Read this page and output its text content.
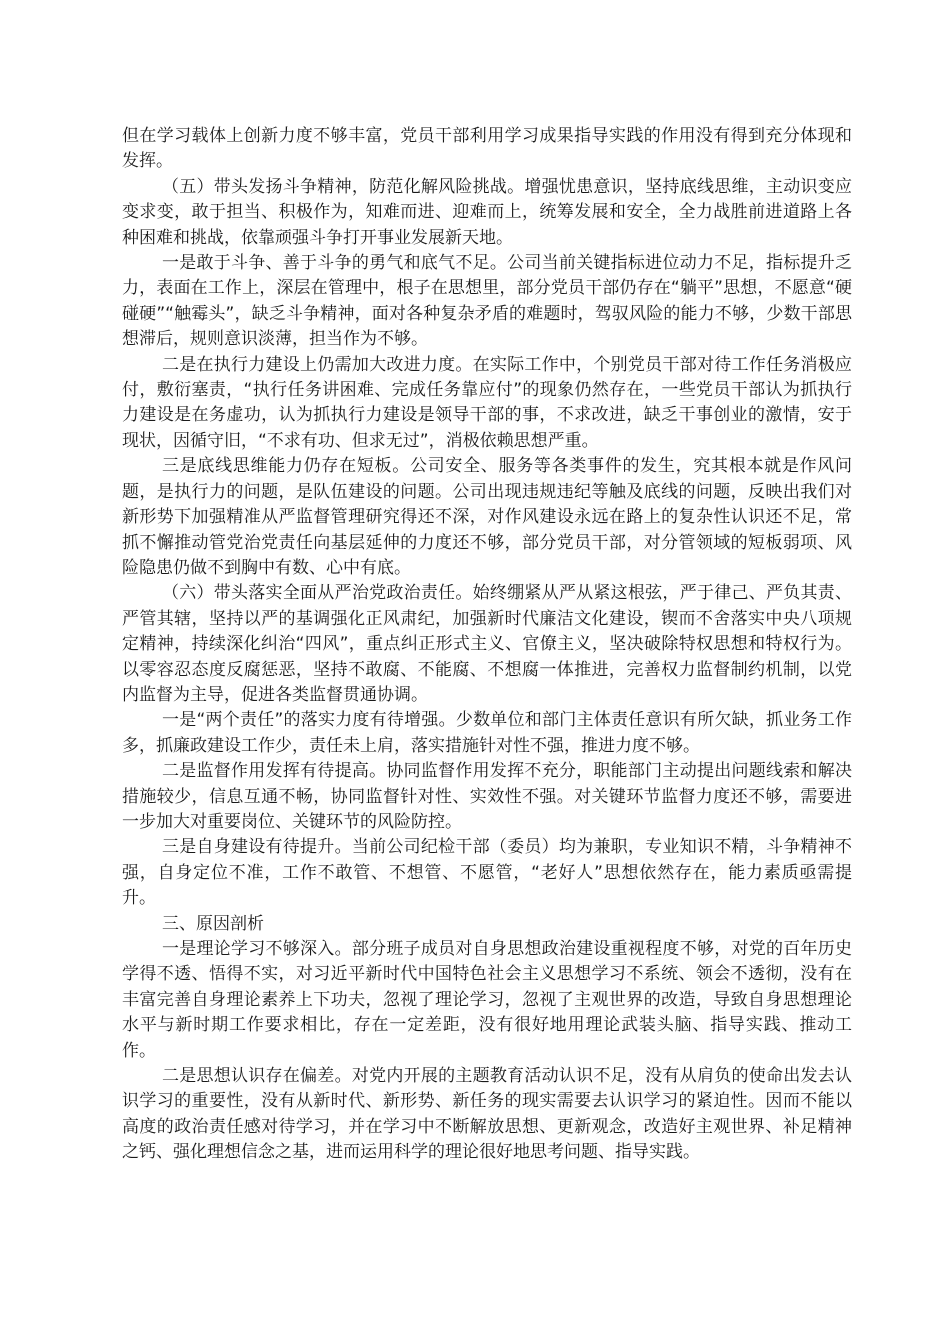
但在学习载体上创新力度不够丰富，党员干部利用学习成果指导实践的作用没有得到充分体现和发挥。

（五）带头发扬斗争精神，防范化解风险挑战。增强忧患意识，坚持底线思维，主动识变应变求变，敢于担当、积极作为，知难而进、迎难而上，统筹发展和安全，全力战胜前进道路上各种困难和挑战，依靠顽强斗争打开事业发展新天地。

一是敢于斗争、善于斗争的勇气和底气不足。公司当前关键指标进位动力不足，指标提升乏力，表面在工作上，深层在管理中，根子在思想里，部分党员干部仍存在“躺平”思想，不愿意“硬碰硬”“触霉头”，缺乏斗争精神，面对各种复杂矛盾的难题时，驾驭风险的能力不够，少数干部思想滞后，规则意识淡薄，担当作为不够。

二是在执行力建设上仍需加大改进力度。在实际工作中，个别党员干部对待工作任务消极应付，敷衍塞责，“执行任务讲困难、完成任务靠应付”的现象仍然存在，一些党员干部认为抓执行力建设是在务虚功，认为抓执行力建设是领导干部的事，不求改进，缺乏干事创业的激情，安于现状，因循守旧，“不求有功、但求无过”，消极依赖思想严重。

三是底线思维能力仍存在短板。公司安全、服务等各类事件的发生，究其根本就是作风问题，是执行力的问题，是队伍建设的问题。公司出现违规违纪等触及底线的问题，反映出我们对新形势下加强精准从严监督管理研究得还不深，对作风建设永远在路上的复杂性认识还不足，常抓不懈推动管党治党责任向基层延伸的力度还不够，部分党员干部，对分管领域的短板弱项、风险隐患仍做不到胸中有数、心中有底。

（六）带头落实全面从严治党政治责任。始终绷紧从严从紧这根弦，严于律己、严负其责、严管其辖，坚持以严的基调强化正风肃纪，加强新时代廉洁文化建设，锲而不舍落实中央八项规定精神，持续深化纠治“四风”，重点纠正形式主义、官僚主义，坚决破除特权思想和特权行为。以零容忍态度反腐惩恶，坚持不敢腐、不能腐、不想腐一体推进，完善权力监督制约机制，以党内监督为主导，促进各类监督贯通协调。

一是“两个责任”的落实力度有待增强。少数单位和部门主体责任意识有所欠缺，抓业务工作多，抓廉政建设工作少，责任未上肩，落实措施针对性不强，推进力度不够。

二是监督作用发挥有待提高。协同监督作用发挥不充分，职能部门主动提出问题线索和解决措施较少，信息互通不畅，协同监督针对性、实效性不强。对关键环节监督力度还不够，需要进一步加大对重要岗位、关键环节的风险防控。

三是自身建设有待提升。当前公司纪检干部（委员）均为兼职，专业知识不精，斗争精神不强，自身定位不准，工作不敢管、不想管、不愿管，“老好人”思想依然存在，能力素质亟需提升。

三、原因剖析

一是理论学习不够深入。部分班子成员对自身思想政治建设重视程度不够，对党的百年历史学得不透、悟得不实，对习近平新时代中国特色社会主义思想学习不系统、领会不透彻，没有在丰富完善自身理论素养上下功夫，忽视了理论学习，忽视了主观世界的改造，导致自身思想理论水平与新时期工作要求相比，存在一定差距，没有很好地用理论武装头脑、指导实践、推动工作。

二是思想认识存在偏差。对党内开展的主题教育活动认识不足，没有从肩负的使命出发去认识学习的重要性，没有从新时代、新形势、新任务的现实需要去认识学习的紧迫性。因而不能以高度的政治责任感对待学习，并在学习中不断解放思想、更新观念，改造好主观世界、补足精神之钙、强化理想信念之基，进而运用科学的理论很好地思考问题、指导实践。
